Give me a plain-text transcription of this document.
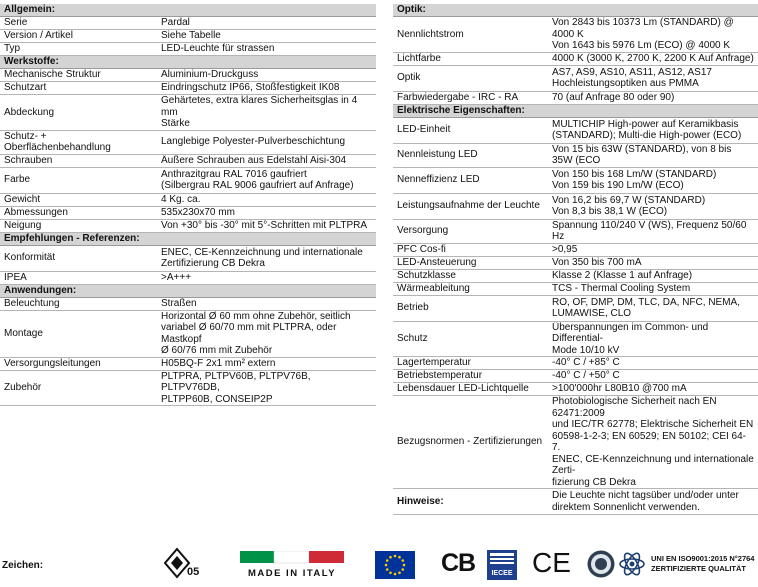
Allgemein:	
Serie	Pardal
Version / Artikel	Siehe Tabelle
Typ	LED-Leuchte für strassen
Werkstoffe:	
Mechanische Struktur	Aluminium-Druckguss
Schutzart	Eindringschutz IP66, Stoßfestigkeit IK08
Abdeckung	Gehärtetes, extra klares Sicherheitsglas in 4 mm
Stärke
Schutz- + Oberflächenbehandlung	Langlebige Polyester-Pulverbeschichtung
Schrauben	Äußere Schrauben aus Edelstahl Aisi-304
Farbe	Anthrazitgrau RAL 7016 gaufriert
(Silbergrau RAL 9006 gaufriert auf Anfrage)
Gewicht	4 Kg. ca.
Abmessungen	535x230x70 mm
Neigung	Von +30° bis -30° mit 5°-Schritten mit PLTPRA
Empfehlungen - Referenzen:	
Konformität	ENEC, CE-Kennzeichnung und internationale
Zertifizierung CB Dekra
IPEA	>A+++
Anwendungen:	
Beleuchtung	Straßen
Montage	Horizontal Ø 60 mm ohne Zubehör, seitlich
variabel Ø 60/70 mm mit PLTPRA, oder Mastkopf
Ø 60/76 mm mit Zubehör
Versorgungsleitungen	H05BQ-F 2x1 mm² extern
Zubehör	PLTPRA, PLTPV60B, PLTPV76B, PLTPV76DB,
PLTPP60B, CONSEIP2P
Optik:	
Nennlichtstrom	Von 2843 bis 10373 Lm (STANDARD) @ 4000 K
Von 1643 bis 5976 Lm (ECO) @ 4000 K
Lichtfarbe	4000 K (3000 K, 2700 K, 2200 K Auf Anfrage)
Optik	AS7, AS9, AS10, AS11, AS12, AS17
Hochleistungsoptiken aus PMMA
Farbwiedergabe - IRC - RA	70 (auf Anfrage 80 oder 90)
Elektrische Eigenschaften:	
LED-Einheit	MULTICHIP High-power auf Keramikbasis
(STANDARD); Multi-die High-power (ECO)
Nennleistung LED	Von 15 bis 63W (STANDARD), von 8 bis 35W (ECO
Nenneffizienz LED	Von 150 bis 168 Lm/W (STANDARD)
Von 159 bis 190 Lm/W (ECO)
Leistungsaufnahme der Leuchte	Von 16,2 bis 69,7 W (STANDARD)
Von 8,3 bis 38,1 W (ECO)
Versorgung	Spannung 110/240 V (WS), Frequenz 50/60 Hz
PFC Cos-fi	>0,95
LED-Ansteuerung	Von 350 bis 700 mA
Schutzklasse	Klasse 2 (Klasse 1 auf Anfrage)
Wärmeableitung	TCS - Thermal Cooling System
Betrieb	RO, OF, DMP, DM, TLC, DA, NFC, NEMA,
LUMAWISE, CLO
Schutz	Überspannungen im Common- und Differential-
Mode 10/10 kV
Lagertemperatur	-40° C / +85° C
Betriebstemperatur	-40° C / +50° C
Lebensdauer LED-Lichtquelle	>100'000hr L80B10 @700 mA
Bezugsnormen - Zertifizierungen	Photobiologische Sicherheit nach EN 62471:2009
und IEC/TR 62778; Elektrische Sicherheit EN
60598-1-2-3; EN 60529; EN 50102; CEI 64-7.
ENEC, CE-Kennzeichnung und internationale Zerti-
fizierung CB Dekra
Hinweise:	Die Leuchte nicht tagsüber und/oder unter
direktem Sonnenlicht verwenden.
Zeichen:
05	MADE IN ITALY	CB IECEE CE	UNI EN ISO9001:2015 N°2764
ZERTIFIZIERTE QUALITÄT
